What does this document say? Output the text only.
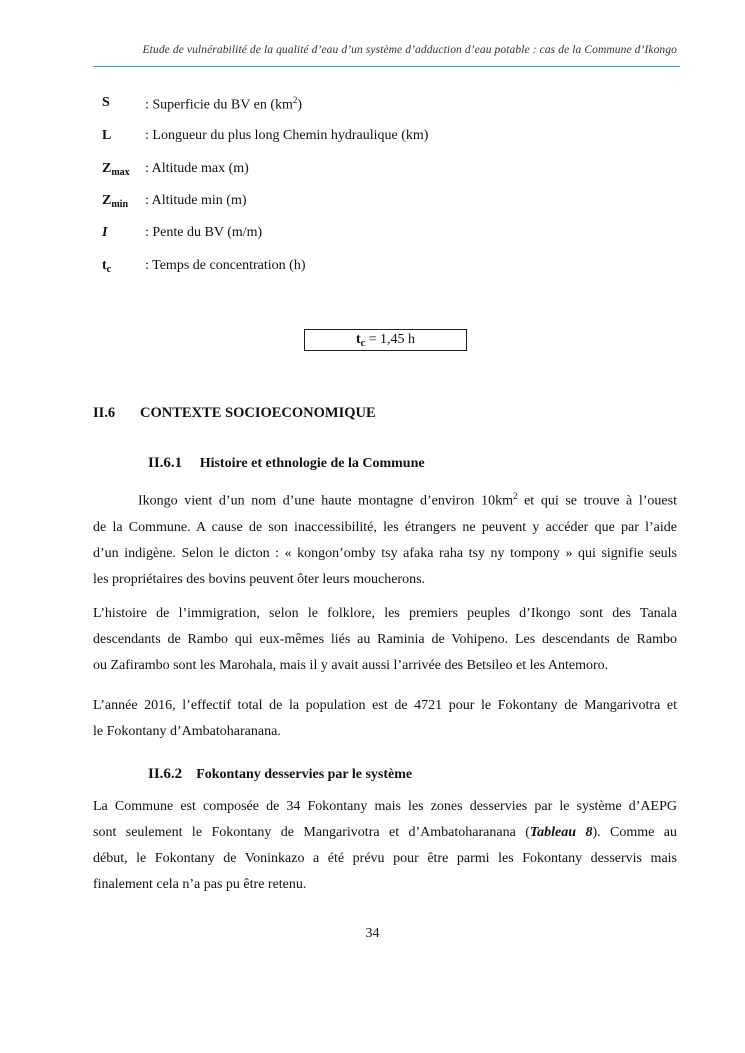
Etude de vulnérabilité de la qualité d’eau d’un système d’adduction d’eau potable : cas de la Commune d’Ikongo
S	: Superficie du BV en $(km^2)$
L	: Longueur du plus long Chemin hydraulique (km)
$Z_{max}$	: Altitude max (m)
$Z_{min}$	: Altitude min (m)
I	: Pente du BV (m/m)
$t_c$	: Temps de concentration (h)
$t_c = 1,45$ h
II.6 CONTEXTE SOCIOECONOMIQUE
II.6.1 Histoire et ethnologie de la Commune
Ikongo vient d’un nom d’une haute montagne d’environ $10km^2$ et qui se trouve à l’ouest
de la Commune. A cause de son inaccessibilité, les étrangers ne peuvent y accéder que par l’aide
d’un indigène. Selon le dicton : « kongon’omby tsy afaka raha tsy ny tompony » qui signifie seuls
les propriétaires des bovins peuvent ôter leurs moucherons.
L’histoire de l’immigration, selon le folklore, les premiers peuples d’Ikongo sont des Tanala
descendants de Rambo qui eux-mêmes liés au Raminia de Vohipeno. Les descendants de Rambo
ou Zafirambo sont les Marohala, mais il y avait aussi l’arrivée des Betsileo et les Antemoro.
L’année 2016, l’effectif total de la population est de 4721 pour le Fokontany de Mangarivotra et
le Fokontany d’Ambatoharanana.
II.6.2 Fokontany desservies par le système
La Commune est composée de 34 Fokontany mais les zones desservies par le système d’AEPG
sont seulement le Fokontany de Mangarivotra et d’Ambatoharanana (Tableau 8). Comme au
début, le Fokontany de Voninkazo a été prévu pour être parmi les Fokontany desservis mais
finalement cela n’a pas pu être retenu.
34
